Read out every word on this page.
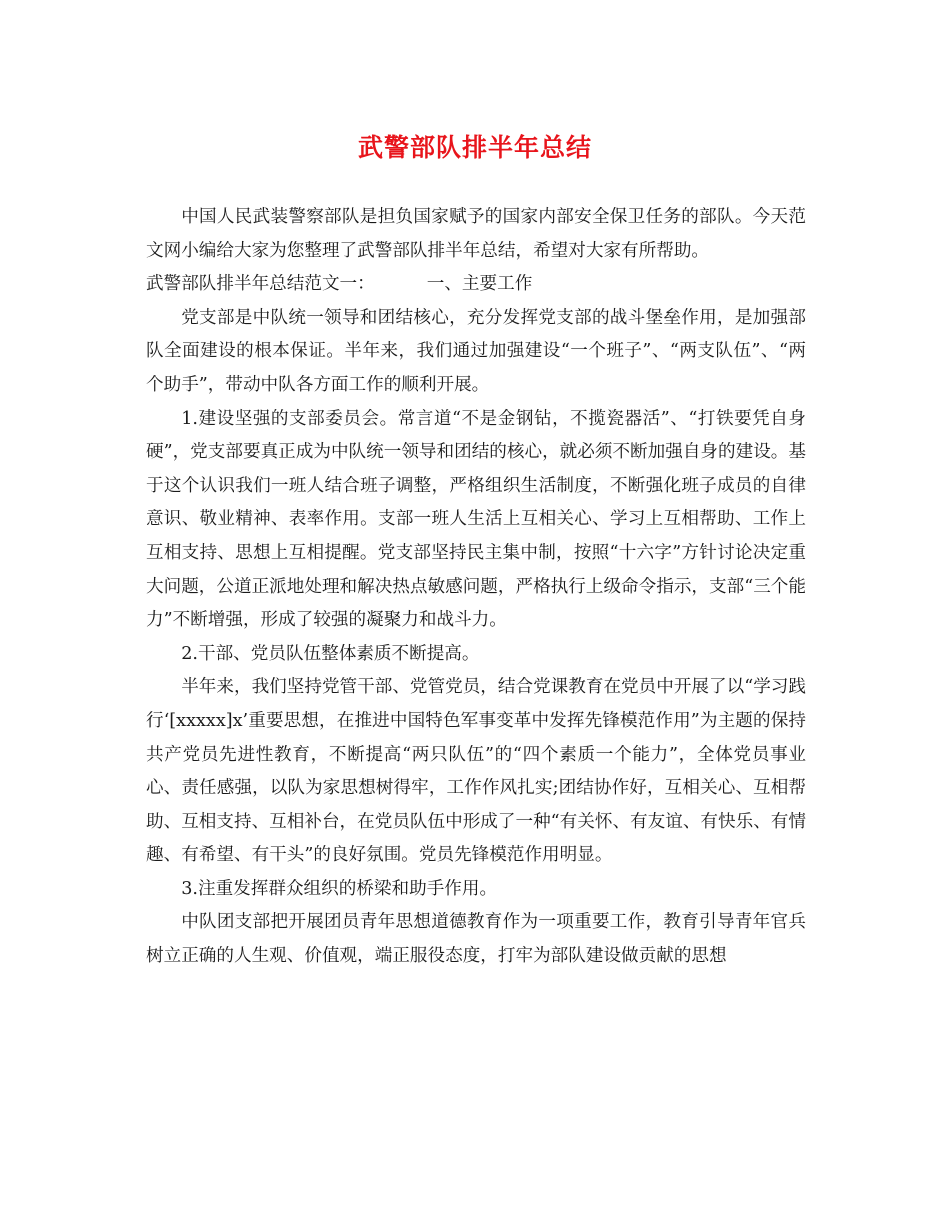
武警部队排半年总结

中国人民武装警察部队是担负国家赋予的国家内部安全保卫任务的部队。今天范文网小编给大家为您整理了武警部队排半年总结，希望对大家有所帮助。

武警部队排半年总结范文一：	一、主要工作

党支部是中队统一领导和团结核心，充分发挥党支部的战斗堡垒作用，是加强部队全面建设的根本保证。半年来，我们通过加强建设“一个班子”、“两支队伍”、“两个助手”，带动中队各方面工作的顺利开展。

1.建设坚强的支部委员会。常言道“不是金钢钻，不揽瓷器活”、“打铁要凭自身硬”，党支部要真正成为中队统一领导和团结的核心，就必须不断加强自身的建设。基于这个认识我们一班人结合班子调整，严格组织生活制度，不断强化班子成员的自律意识、敬业精神、表率作用。支部一班人生活上互相关心、学习上互相帮助、工作上互相支持、思想上互相提醒。党支部坚持民主集中制，按照“十六字”方针讨论决定重大问题，公道正派地处理和解决热点敏感问题，严格执行上级命令指示，支部“三个能力”不断增强，形成了较强的凝聚力和战斗力。

2.干部、党员队伍整体素质不断提高。

半年来，我们坚持党管干部、党管党员，结合党课教育在党员中开展了以“学习践行‘[xxxxx]x’重要思想，在推进中国特色军事变革中发挥先锋模范作用”为主题的保持共产党员先进性教育，不断提高“两只队伍”的“四个素质一个能力”，全体党员事业心、责任感强，以队为家思想树得牢，工作作风扎实;团结协作好，互相关心、互相帮助、互相支持、互相补台，在党员队伍中形成了一种“有关怀、有友谊、有快乐、有情趣、有希望、有干头”的良好氛围。党员先锋模范作用明显。

3.注重发挥群众组织的桥梁和助手作用。

中队团支部把开展团员青年思想道德教育作为一项重要工作，教育引导青年官兵树立正确的人生观、价值观，端正服役态度，打牢为部队建设做贡献的思想
